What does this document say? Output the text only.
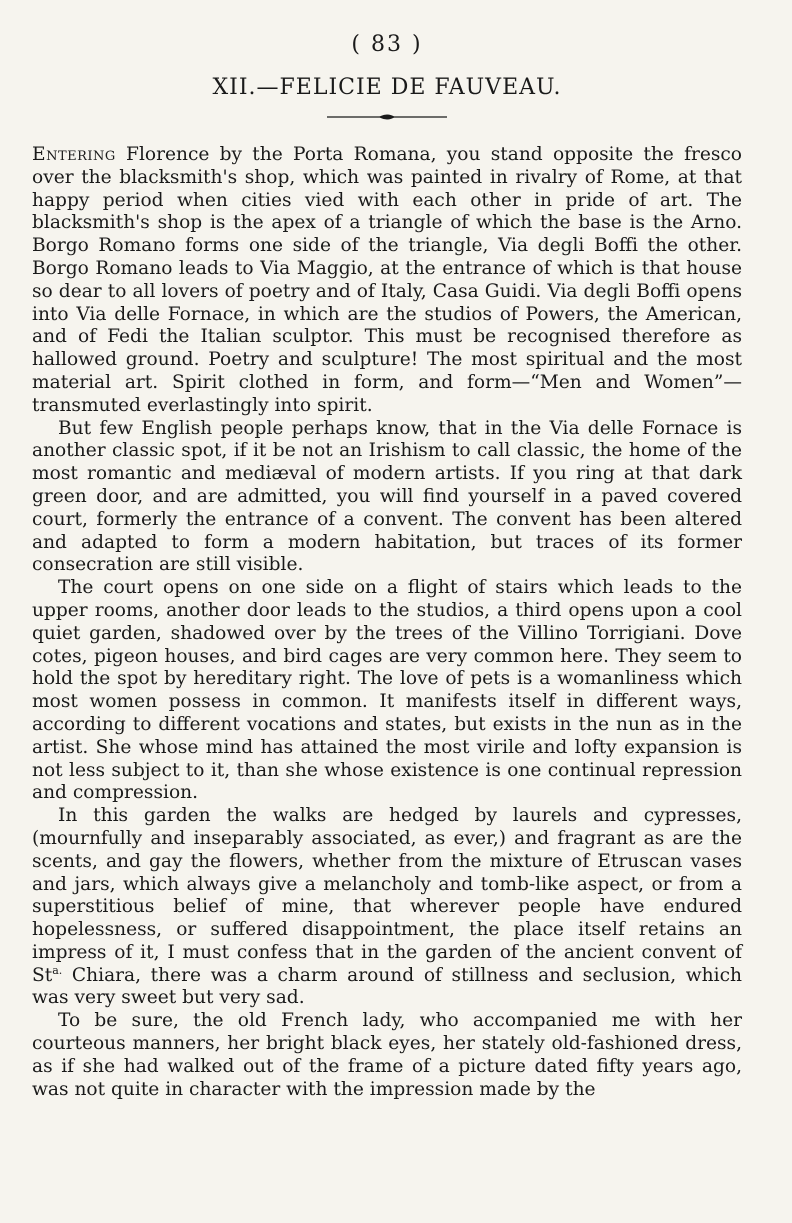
( 83 )
XII.—FELICIE DE FAUVEAU.

Entering Florence by the Porta Romana, you stand opposite the fresco over the blacksmith's shop, which was painted in rivalry of Rome, at that happy period when cities vied with each other in pride of art. The blacksmith's shop is the apex of a triangle of which the base is the Arno. Borgo Romano forms one side of the triangle, Via degli Boffi the other. Borgo Romano leads to Via Maggio, at the entrance of which is that house so dear to all lovers of poetry and of Italy, Casa Guidi. Via degli Boffi opens into Via delle Fornace, in which are the studios of Powers, the American, and of Fedi the Italian sculptor. This must be recognised therefore as hallowed ground. Poetry and sculpture! The most spiritual and the most material art. Spirit clothed in form, and form—“Men and Women”—transmuted everlastingly into spirit.

But few English people perhaps know, that in the Via delle Fornace is another classic spot, if it be not an Irishism to call classic, the home of the most romantic and mediæval of modern artists. If you ring at that dark green door, and are admitted, you will find yourself in a paved covered court, formerly the entrance of a convent. The convent has been altered and adapted to form a modern habitation, but traces of its former consecration are still visible.

The court opens on one side on a flight of stairs which leads to the upper rooms, another door leads to the studios, a third opens upon a cool quiet garden, shadowed over by the trees of the Villino Torrigiani. Dove cotes, pigeon houses, and bird cages are very common here. They seem to hold the spot by hereditary right. The love of pets is a womanliness which most women possess in common. It manifests itself in different ways, according to different vocations and states, but exists in the nun as in the artist. She whose mind has attained the most virile and lofty expansion is not less subject to it, than she whose existence is one continual repression and compression.

In this garden the walks are hedged by laurels and cypresses, (mournfully and inseparably associated, as ever,) and fragrant as are the scents, and gay the flowers, whether from the mixture of Etruscan vases and jars, which always give a melancholy and tomb-like aspect, or from a superstitious belief of mine, that wherever people have endured hopelessness, or suffered disappointment, the place itself retains an impress of it, I must confess that in the garden of the ancient convent of $St^{a.}$ Chiara, there was a charm around of stillness and seclusion, which was very sweet but very sad.

To be sure, the old French lady, who accompanied me with her courteous manners, her bright black eyes, her stately old-fashioned dress, as if she had walked out of the frame of a picture dated fifty years ago, was not quite in character with the impression made by the
